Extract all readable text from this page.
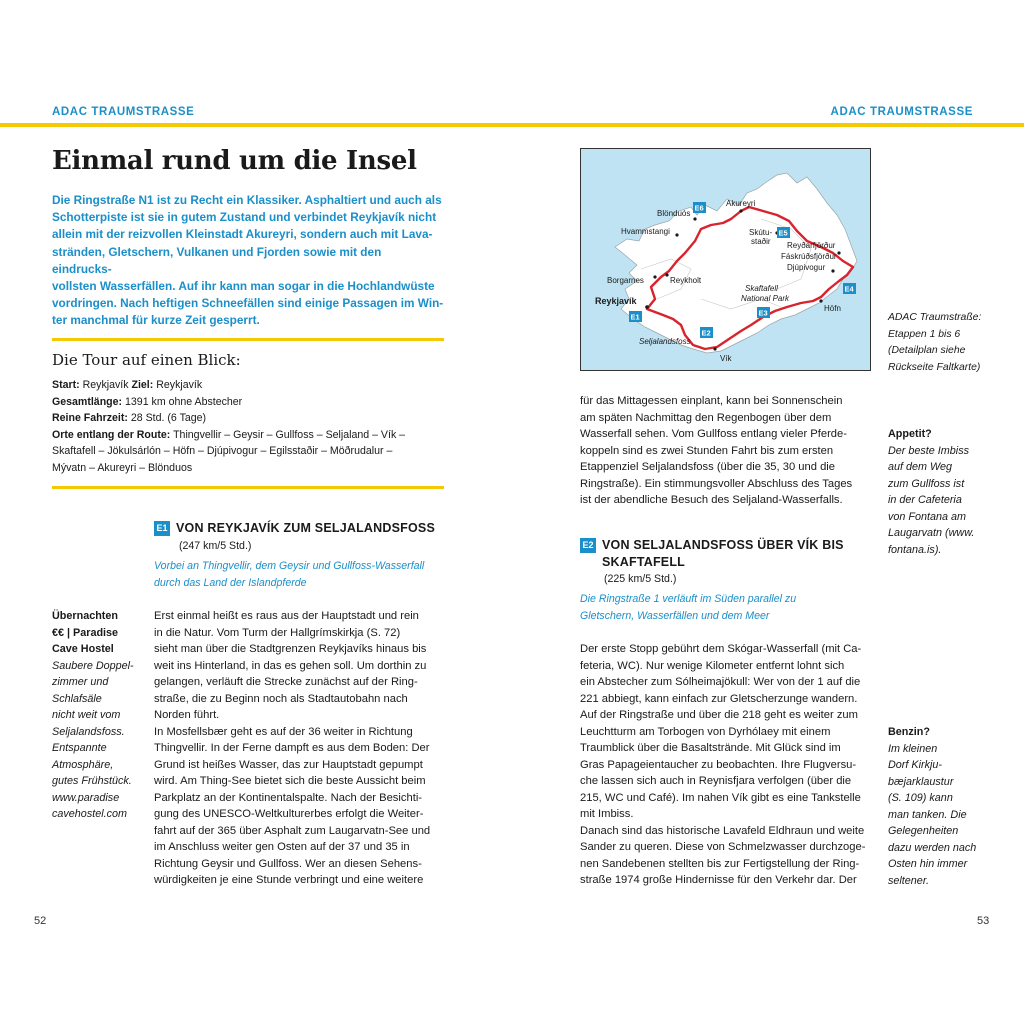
ADAC TRAUMSTRASSE	ADAC TRAUMSTRASSE
Einmal rund um die Insel
Die Ringstraße N1 ist zu Recht ein Klassiker. Asphaltiert und auch als
Schotterpiste ist sie in gutem Zustand und verbindet Reykjavík nicht
allein mit der reizvollen Kleinstadt Akureyri, sondern auch mit Lava-
stränden, Gletschern, Vulkanen und Fjorden sowie mit den eindrucks-
vollsten Wasserfällen. Auf ihr kann man sogar in die Hochlandwüste
vordringen. Nach heftigen Schneefällen sind einige Passagen im Win-
ter manchmal für kurze Zeit gesperrt.
Die Tour auf einen Blick:
Start: Reykjavík Ziel: Reykjavík
Gesamtlänge: 1391 km ohne Abstecher
Reine Fahrzeit: 28 Std. (6 Tage)
Orte entlang der Route: Thingvellir – Geysir – Gullfoss – Seljaland – Vík –
Skaftafell – Jökulsárlón – Höfn – Djúpivogur – Egilsstaðir – Möðrudalur –
Mývatn – Akureyri – Blönduos
E1 VON REYKJAVÍK ZUM SELJALANDSFOSS
(247 km/5 Std.)
Vorbei an Thingvellir, dem Geysir und Gullfoss-Wasserfall
durch das Land der Islandpferde
Übernachten
€€ | Paradise
Cave Hostel
Saubere Doppel-
zimmer und
Schlafsäle
nicht weit vom
Seljalandsfoss.
Entspannte
Atmosphäre,
gutes Frühstück.
www.paradise
cavehostel.com
Erst einmal heißt es raus aus der Hauptstadt und rein
in die Natur. Vom Turm der Hallgrímskirkja (S. 72)
sieht man über die Stadtgrenzen Reykjavíks hinaus bis
weit ins Hinterland, in das es gehen soll. Um dorthin zu
gelangen, verläuft die Strecke zunächst auf der Ring-
straße, die zu Beginn noch als Stadtautobahn nach
Norden führt.
In Mosfellsbær geht es auf der 36 weiter in Richtung
Thingvellir. In der Ferne dampft es aus dem Boden: Der
Grund ist heißes Wasser, das zur Hauptstadt gepumpt
wird. Am Thing-See bietet sich die beste Aussicht beim
Parkplatz an der Kontinentalspalte. Nach der Besichti-
gung des UNESCO-Weltkulturerbes erfolgt die Weiter-
fahrt auf der 365 über Asphalt zum Laugarvatn-See und
im Anschluss weiter gen Osten auf der 37 und 35 in
Richtung Geysir und Gullfoss. Wer an diesen Sehens-
würdigkeiten je eine Stunde verbringt und eine weitere
52
Blönduós
Akureyri
Hvammstangi	Skútu-
staðir Reyðarfjörður
Fáskrúðsfjörður
Djúpivogur
Borgarnes	Reykholt
Skaftafell
National Park
Reykjavík
Höfn
Seljalandsfoss
Vík
E6
E5
E4
E3
E2
E1	ADAC Traumstraße:
Etappen 1 bis 6
(Detailplan siehe
Rückseite Faltkarte)
für das Mittagessen einplant, kann bei Sonnenschein
am späten Nachmittag den Regenbogen über dem
Wasserfall sehen. Vom Gullfoss entlang vieler Pferde-
koppeln sind es zwei Stunden Fahrt bis zum ersten
Etappenziel Seljalandsfoss (über die 35, 30 und die
Ringstraße). Ein stimmungsvoller Abschluss des Tages
ist der abendliche Besuch des Seljaland-Wasserfalls.
Appetit?
Der beste Imbiss
auf dem Weg
zum Gullfoss ist
in der Cafeteria
von Fontana am
Laugarvatn (www.
fontana.is).
E2 VON SELJALANDSFOSS ÜBER VÍK BIS
SKAFTAFELL
(225 km/5 Std.)
Die Ringstraße 1 verläuft im Süden parallel zu
Gletschern, Wasserfällen und dem Meer
Der erste Stopp gebührt dem Skógar-Wasserfall (mit Ca-
feteria, WC). Nur wenige Kilometer entfernt lohnt sich
ein Abstecher zum Sólheimajökull: Wer von der 1 auf die
221 abbiegt, kann einfach zur Gletscherzunge wandern.
Auf der Ringstraße und über die 218 geht es weiter zum
Leuchtturm am Torbogen von Dyrhólaey mit einem
Traumblick über die Basaltstrände. Mit Glück sind im
Gras Papageientaucher zu beobachten. Ihre Flugversu-
che lassen sich auch in Reynisfjara verfolgen (über die
215, WC und Café). Im nahen Vík gibt es eine Tankstelle
mit Imbiss.
Danach sind das historische Lavafeld Eldhraun und weite
Sander zu queren. Diese von Schmelzwasser durchzoge-
nen Sandebenen stellten bis zur Fertigstellung der Ring-
straße 1974 große Hindernisse für den Verkehr dar. Der
Benzin?
Im kleinen
Dorf Kirkju-
bæjarklaustur
(S. 109) kann
man tanken. Die
Gelegenheiten
dazu werden nach
Osten hin immer
seltener.
53
